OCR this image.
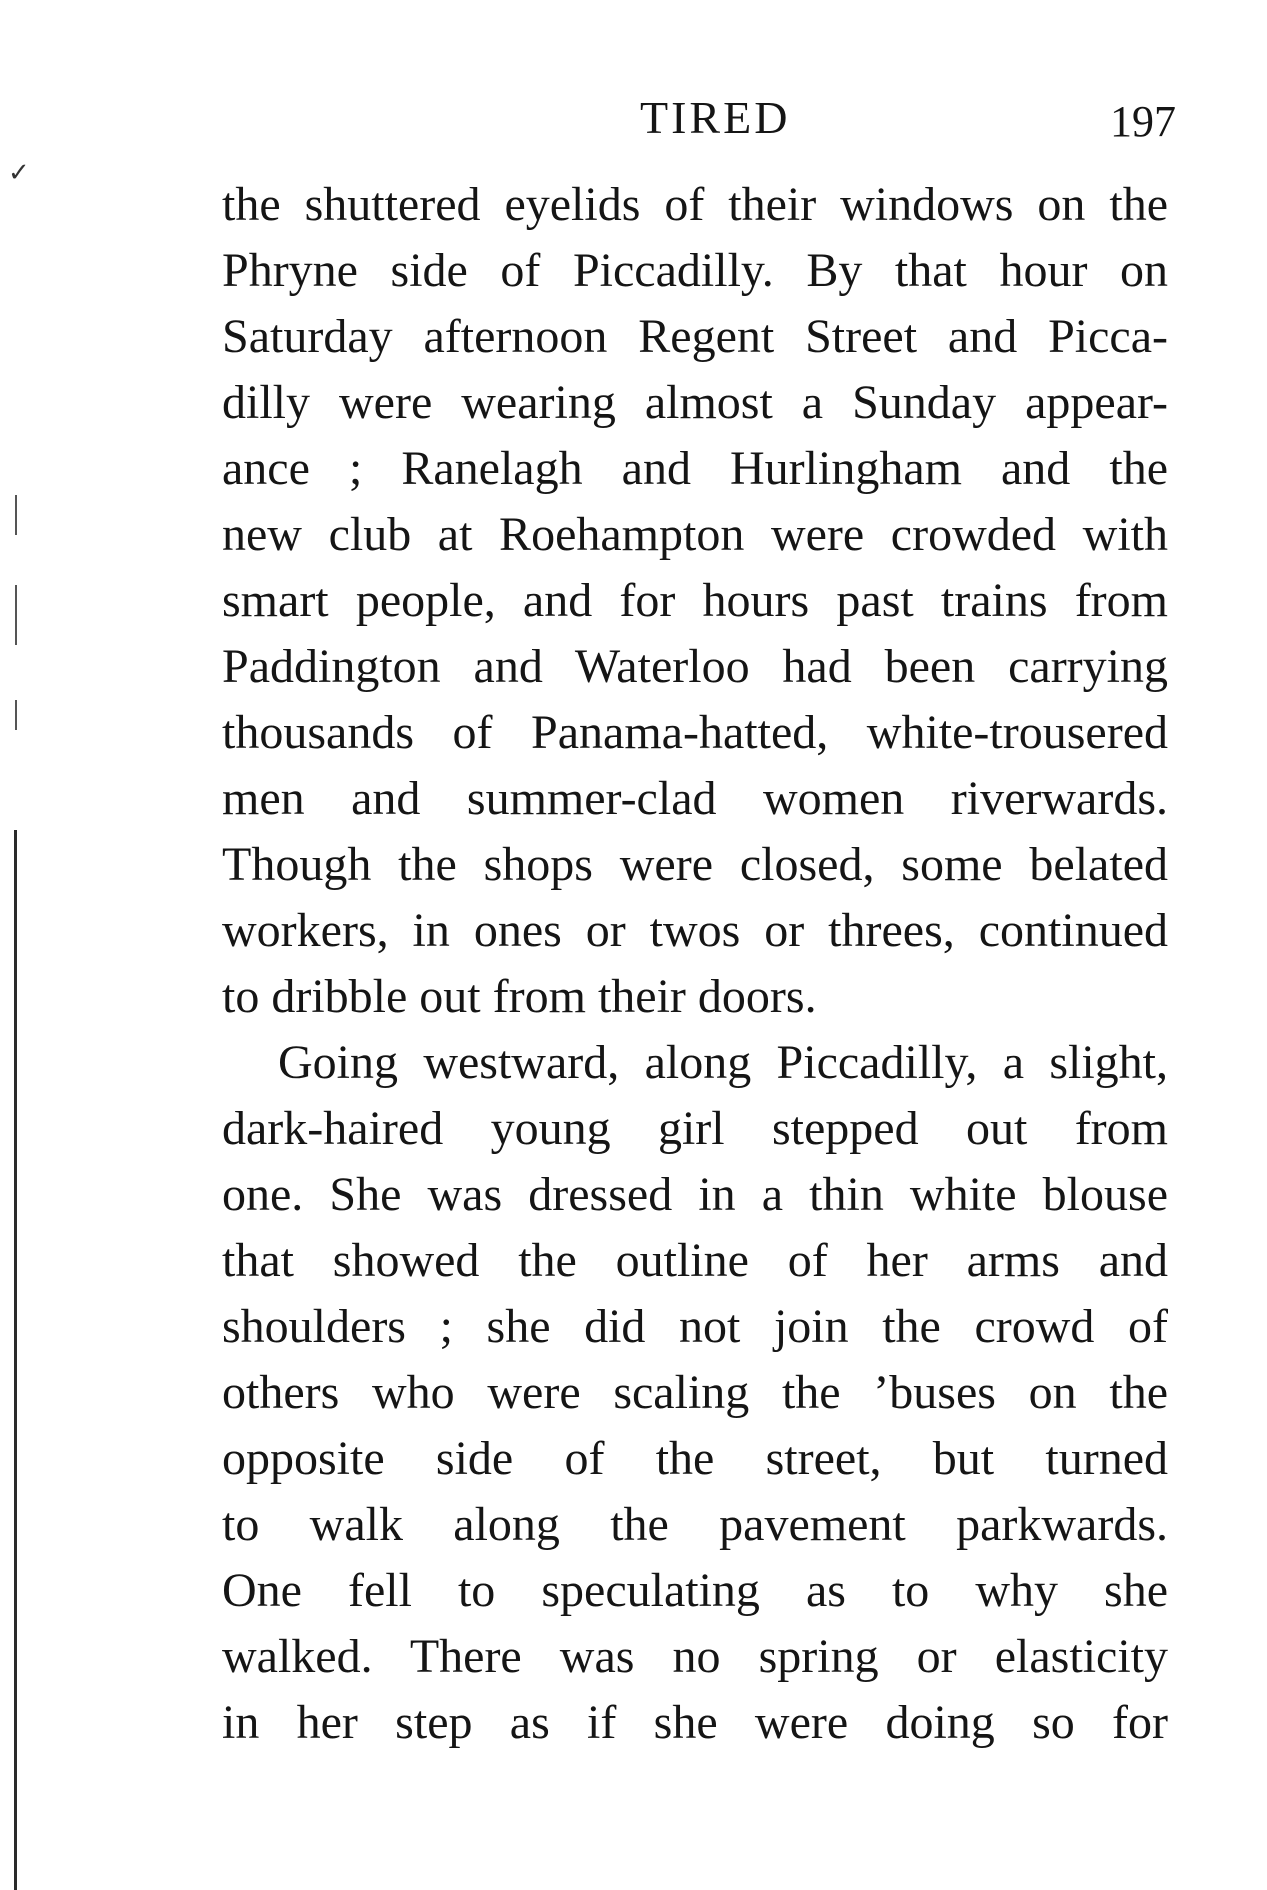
✓
TIRED	197
the shuttered eyelids of their windows on the
Phryne side of Piccadilly. By that hour on
Saturday afternoon Regent Street and Picca-
dilly were wearing almost a Sunday appear-
ance ; Ranelagh and Hurlingham and the
new club at Roehampton were crowded with
smart people, and for hours past trains from
Paddington and Waterloo had been carrying
thousands of Panama-hatted, white-trousered
men and summer-clad women riverwards.
Though the shops were closed, some belated
workers, in ones or twos or threes, continued
to dribble out from their doors.
Going westward, along Piccadilly, a slight,
dark-haired young girl stepped out from
one. She was dressed in a thin white blouse
that showed the outline of her arms and
shoulders ; she did not join the crowd of
others who were scaling the ’buses on the
opposite side of the street, but turned
to walk along the pavement parkwards.
One fell to speculating as to why she
walked. There was no spring or elasticity
in her step as if she were doing so for
